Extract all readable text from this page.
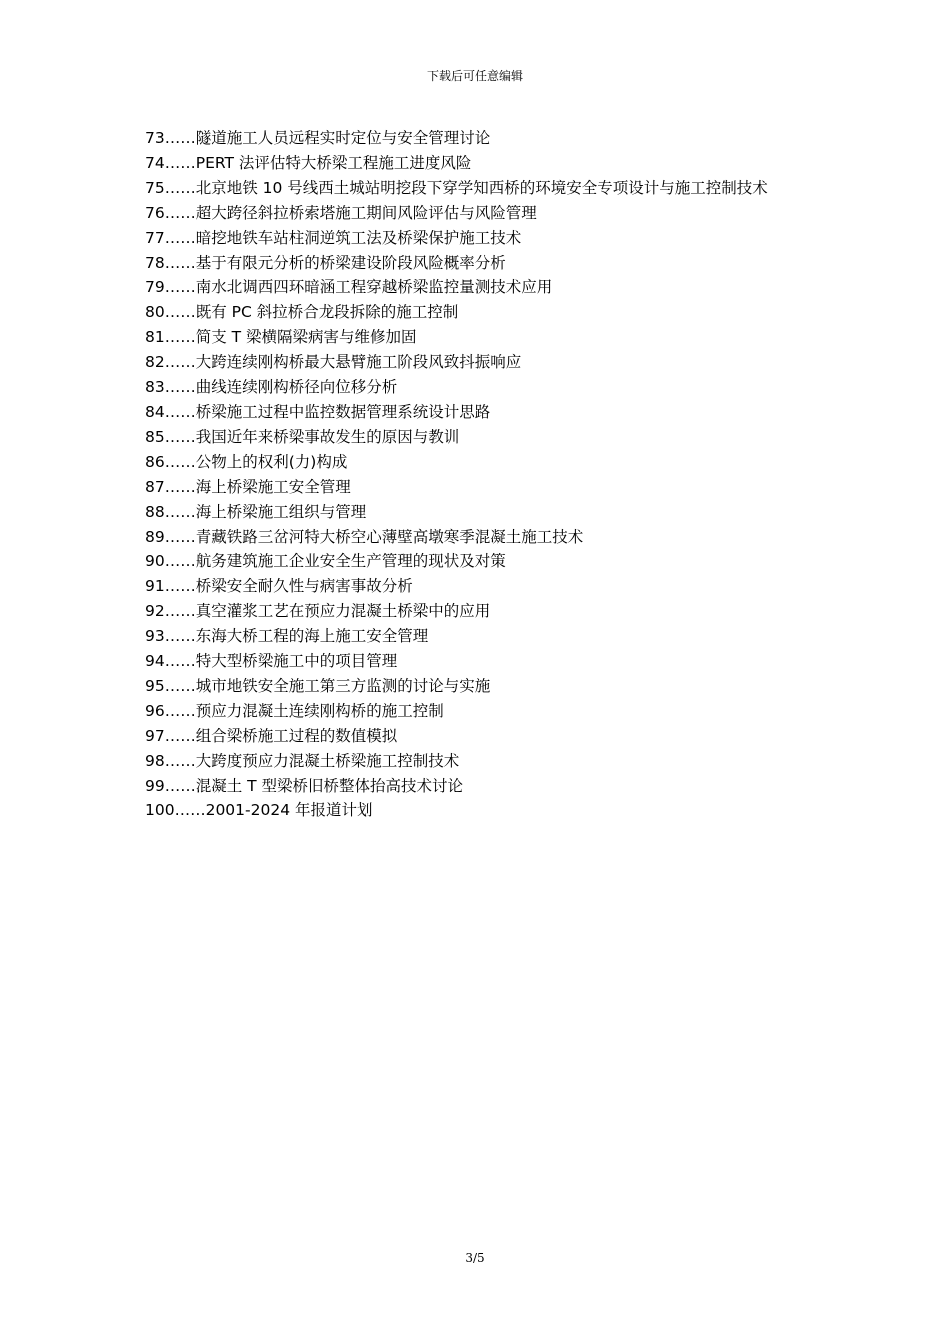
下载后可任意编辑
73……隧道施工人员远程实时定位与安全管理讨论
74……PERT 法评估特大桥梁工程施工进度风险
75……北京地铁 10 号线西土城站明挖段下穿学知西桥的环境安全专项设计与施工控制技术
76……超大跨径斜拉桥索塔施工期间风险评估与风险管理
77……暗挖地铁车站柱洞逆筑工法及桥梁保护施工技术
78……基于有限元分析的桥梁建设阶段风险概率分析
79……南水北调西四环暗涵工程穿越桥梁监控量测技术应用
80……既有 PC 斜拉桥合龙段拆除的施工控制
81……简支 T 梁横隔梁病害与维修加固
82……大跨连续刚构桥最大悬臂施工阶段风致抖振响应
83……曲线连续刚构桥径向位移分析
84……桥梁施工过程中监控数据管理系统设计思路
85……我国近年来桥梁事故发生的原因与教训
86……公物上的权利(力)构成
87……海上桥梁施工安全管理
88……海上桥梁施工组织与管理
89……青藏铁路三岔河特大桥空心薄壁高墩寒季混凝土施工技术
90……航务建筑施工企业安全生产管理的现状及对策
91……桥梁安全耐久性与病害事故分析
92……真空灌浆工艺在预应力混凝土桥梁中的应用
93……东海大桥工程的海上施工安全管理
94……特大型桥梁施工中的项目管理
95……城市地铁安全施工第三方监测的讨论与实施
96……预应力混凝土连续刚构桥的施工控制
97……组合梁桥施工过程的数值模拟
98……大跨度预应力混凝土桥梁施工控制技术
99……混凝土 T 型梁桥旧桥整体抬高技术讨论
100……2001-2024 年报道计划
3/5
